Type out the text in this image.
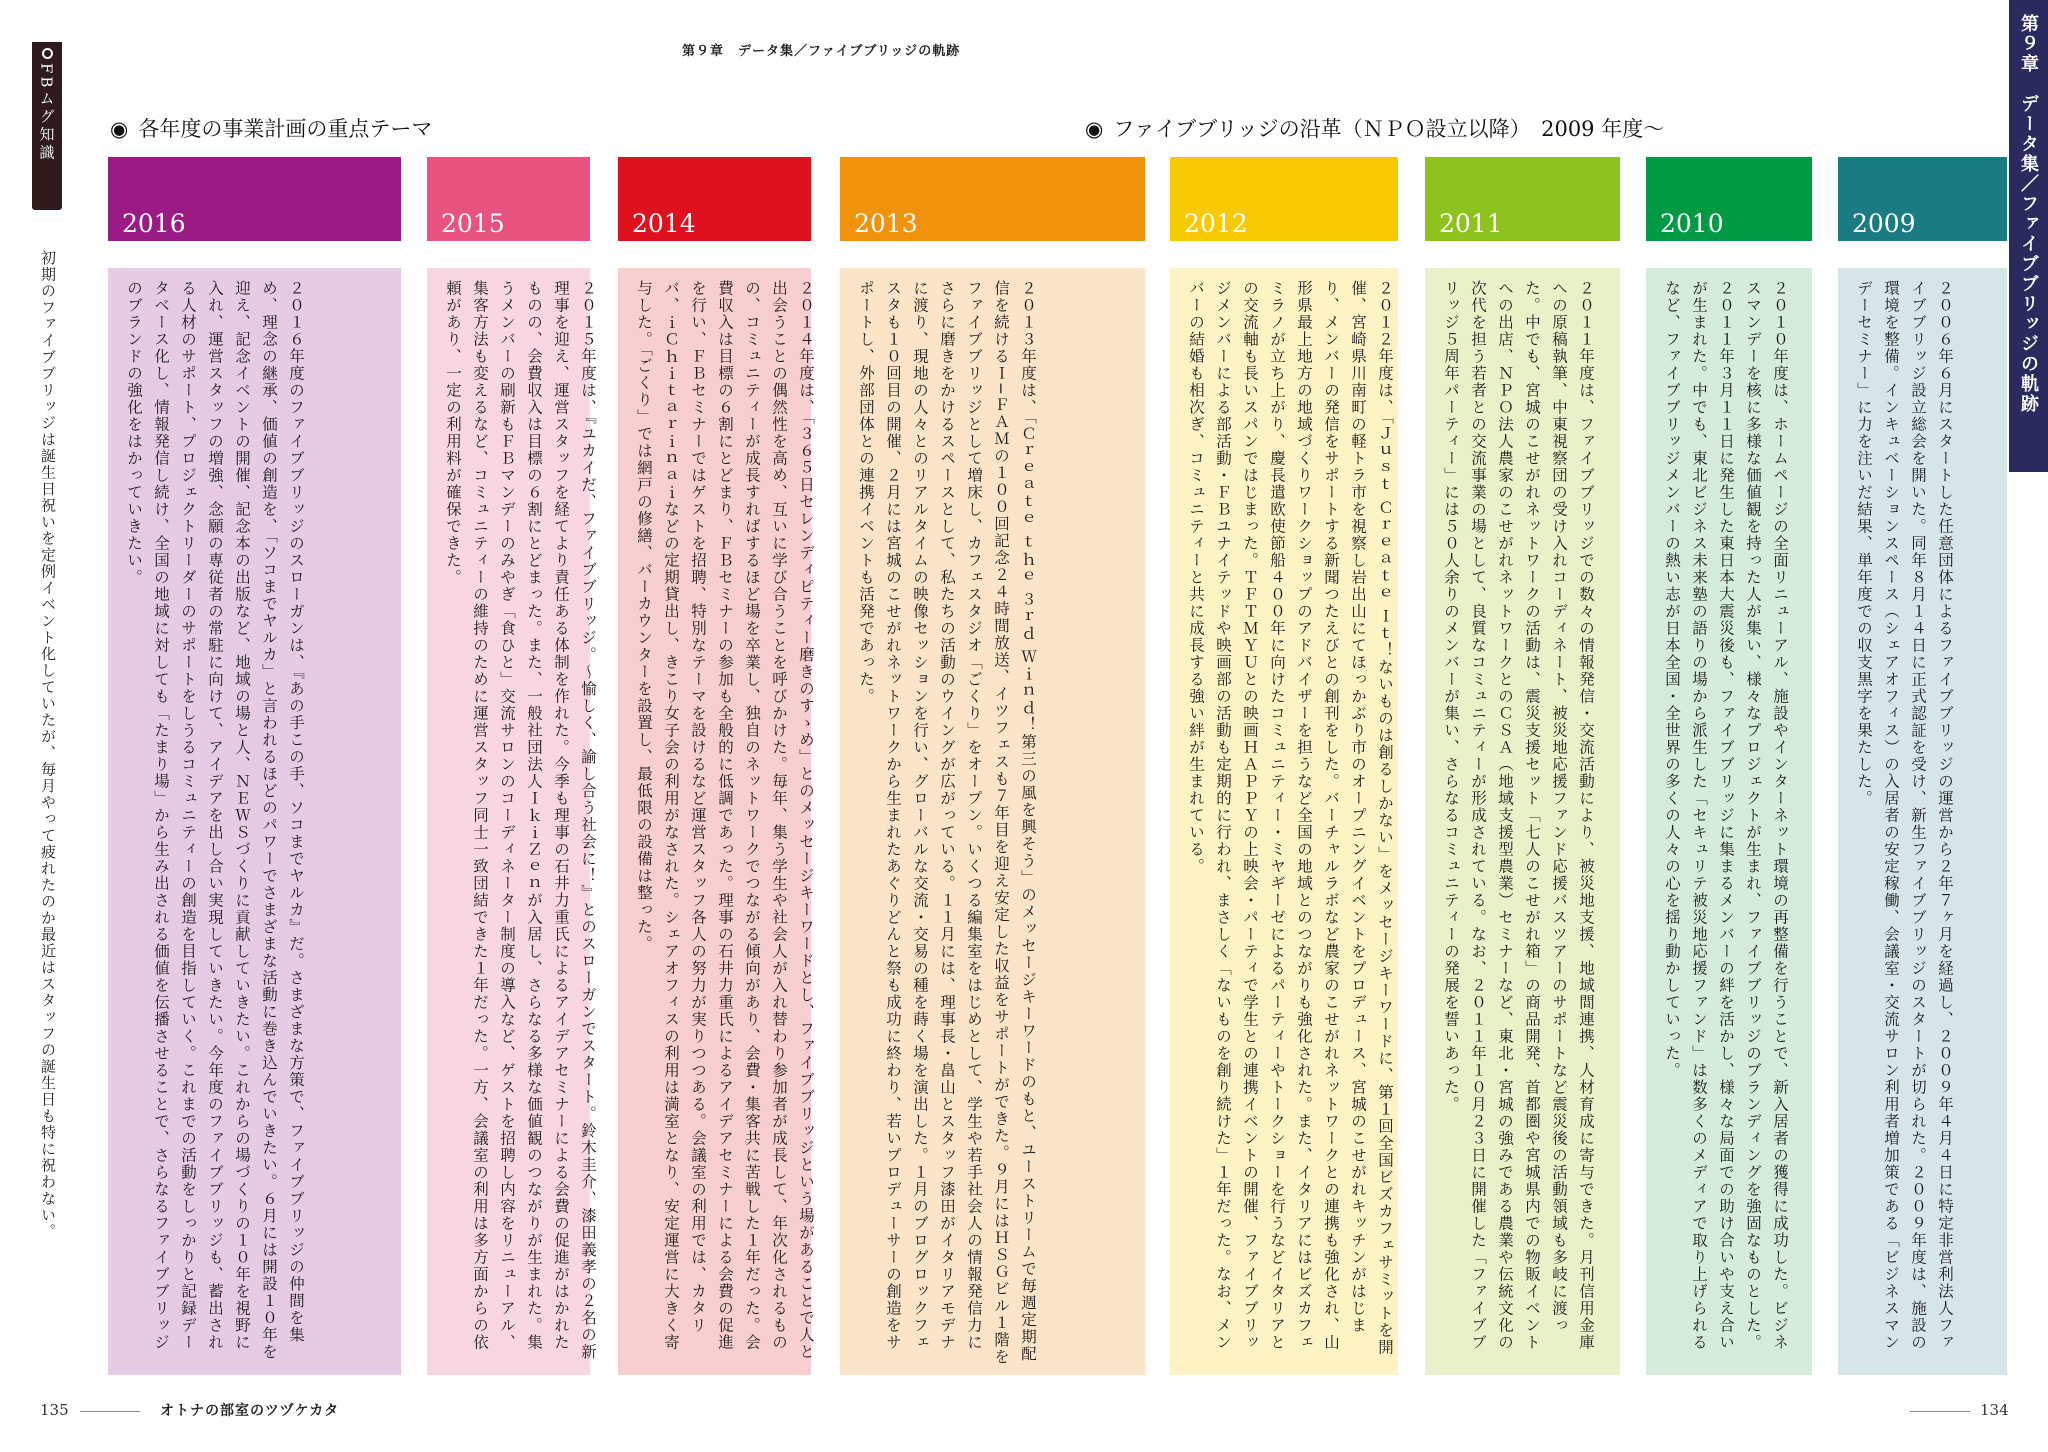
第９章　データ集／ファイブブリッジの軌跡
FBムグ知識
初期のファイブブリッジは誕生日祝いを定例イベント化していたが、毎月やって疲れたのか最近はスタッフの誕生日も特に祝わない。
第９章　データ集／ファイブブリッジの軌跡
◉ 各年度の事業計画の重点テーマ	◉ ファイブブリッジの沿革（ＮＰＯ設立以降）　2009 年度〜
2016	2015	2014	2013	2012	2011	2010	2009
２０１６年度のファイブブリッジのスローガンは、『あの手この手、ソコまでヤルカ』だ。さまざまな方策で、ファイブブリッジの仲間を集め、理念の継承、価値の創造を、「ソコまでヤルカ」と言われるほどのパワーでさまざまな活動に巻き込んでいきたい。６月には開設１０年を迎え、記念イベントの開催、記念本の出版など、地域の場と人、ＮＥＷＳづくりに貢献していきたい。これからの場づくりの１０年を視野に入れ、運営スタッフの増強、念願の専従者の常駐に向けて、アイデアを出し合い実現していきたい。今年度のファイブブリッジも、蓄出される人材のサポート、プロジェクトリーダーのサポートをしうるコミュニティーの創造を目指していく。これまでの活動をしっかりと記録データベース化し、情報発信し続け、全国の地域に対しても「たまり場」から生み出される価値を伝播させることで、さらなるファイブブリッジのブランドの強化をはかっていきたい。	２０１５年度は、『ユカイだ、ファイブブリッジ。〜愉しく、諭し合う社会に！』とのスローガンでスタート。鈴木圭介、漆田義孝の２名の新理事を迎え、運営スタッフを経てより責任ある体制を作れた。今季も理事の石井力重氏によるアイデアセミナーによる会費の促進がはかれたものの、会費収入は目標の６割にとどまった。また、一般社団法人ＩｋｉＺｅｎが入居し、さらなる多様な価値観のつながりが生まれた。集うメンバーの刷新もＦＢマンデーのみやぎ「食ひと」交流サロンのコーディネーター制度の導入など、ゲストを招聘し内容をリニューアル、集客方法も変えるなど、コミュニティーの維持のために運営スタッフ同士一致団結できた１年だった。一方、会議室の利用は多方面からの依頼があり、一定の利用料が確保できた。	２０１４年度は、「３６５日セレンディピティー磨きのすゝめ」とのメッセージキーワードとし、ファイブブリッジという場があることで人と出会うことの偶然性を高め、互いに学び合うことを呼びかけた。毎年、集う学生や社会人が入れ替わり参加者が成長して、年次化されるものの、コミュニティーが成長すればするほど場を卒業し、独自のネットワークでつながる傾向があり、会費・集客共に苦戦した１年だった。会費収入は目標の６割にとどまり、ＦＢセミナーの参加も全般的に低調であった。理事の石井力重氏によるアイデアセミナーによる会費の促進を行い、ＦＢセミナーではゲストを招聘、特別なテーマを設けるなど運営スタッフ各人の努力が実りつつある。会議室の利用では、カタリバ、ｉＣｈｉｔａｒｉｎａｉなどの定期貸出し、きこり女子会の利用がなされた。シェアオフィスの利用は満室となり、安定運営に大きく寄与した。「ごくり」では網戸の修繕、バーカウンターを設置し、最低限の設備は整った。	２０１３年度は、「Ｃｒｅａｔｅ ｔｈｅ ３ｒｄ Ｗｉｎｄ！第三の風を興そう」のメッセージキーワードのもと、ユーストリームで毎週定期配信を続けるＩ−ＦＡＭの１００回記念２４時間放送、イツフェスも７年目を迎え安定した収益をサポートができた。９月にはＨＳＧビル１階をファイブブリッジとして増床し、カフェスタジオ「ごくり」をオープン。いくつる編集室をはじめとして、学生や若手社会人の情報発信力にさらに磨きをかけるスペースとして、私たちの活動のウイングが広がっている。１１月には、理事長・畠山とスタッフ漆田がイタリアモデナに渡り、現地の人々とのリアルタイムの映像セッションを行い、グローバルな交流・交易の種を蒔く場を演出した。１月のブログロックフェスタも１０回目の開催、２月には宮城のこせがれネットワークから生まれたあぐりどんと祭も成功に終わり、若いプロデューサーの創造をサポートし、外部団体との連携イベントも活発であった。	２０１２年度は、「Ｊｕｓｔ Ｃｒｅａｔｅ Ｉｔ！ないものは創るしかない」をメッセージキーワードに、第１回全国ビズカフェサミットを開催、宮崎県川南町の軽トラ市を視察し岩出山にてほっかぶり市のオープニングイベントをプロデュース、宮城のこせがれキッチンがはじまり、メンバーの発信をサポートする新聞つたえびとの創刊をした。バーチャルラボなど農家のこせがれネットワークとの連携も強化され、山形県最上地方の地域づくりワークショップのアドバイザーを担うなど全国の地域とのつながりも強化された。また、イタリアにはビズカフェミラノが立ち上がり、慶長遣欧使節船４００年に向けたコミュニティー・ミヤギーゼによるパーティーやトークショーを行うなどイタリアとの交流軸も長いスパンではじまった。ＴＦＴＭＹＵとの映画ＨＡＰＰＹの上映会・パーティで学生との連携イベントの開催、ファイブブリッジメンバーによる部活動・ＦＢユナイテッドや映画部の活動も定期的に行われ、まさしく「ないものを創り続けた」１年だった。なお、メンバーの結婚も相次ぎ、コミュニティーと共に成長する強い絆が生まれている。	２０１１年度は、ファイブブリッジでの数々の情報発信・交流活動により、被災地支援、地域間連携、人材育成に寄与できた。月刊信用金庫への原稿執筆、中東視察団の受け入れコーディネート、被災地応援ファンド応援バスツアーのサポートなど震災後の活動領域も多岐に渡った。中でも、宮城のこせがれネットワークの活動は、震災支援セット「七人のこせがれ箱」の商品開発、首都圏や宮城県内での物販イベントへの出店、ＮＰＯ法人農家のこせがれネットワークとのＣＳＡ（地域支援型農業）セミナーなど、東北・宮城の強みである農業や伝統文化の次代を担う若者との交流事業の場として、良質なコミュニティーが形成されている。なお、２０１１年１０月２３日に開催した「ファイブブリッジ５周年パーティー」には５０人余りのメンバーが集い、さらなるコミュニティーの発展を誓いあった。	２０１０年度は、ホームページの全面リニューアル、施設やインターネット環境の再整備を行うことで、新入居者の獲得に成功した。ビジネスマンデーを核に多様な価値観を持った人が集い、様々なプロジェクトが生まれ、ファイブブリッジのブランディングを強固なものとした。２０１１年３月１１日に発生した東日本大震災後も、ファイブブリッジに集まるメンバーの絆を活かし、様々な局面での助け合いや支え合いが生まれた。中でも、東北ビジネス未来塾の語りの場から派生した「セキュリテ被災地応援ファンド」は数多くのメディアで取り上げられるなど、ファイブブリッジメンバーの熱い志が日本全国・全世界の多くの人々の心を揺り動かしていった。	２００６年６月にスタートした任意団体によるファイブブリッジの運営から２年７ヶ月を経過し、２００９年４月４日に特定非営利法人ファイブブリッジ設立総会を開いた。同年８月１４日に正式認証を受け、新生ファイブブリッジのスタートが切られた。２００９年度は、施設の環境を整備。インキュベーションスペース（シェアオフィス）の入居者の安定稼働、会議室・交流サロン利用者増加策である「ビジネスマンデーセミナー」に力を注いだ結果、単年度での収支黒字を果たした。
135	オトナの部室のツヅケカタ	134
